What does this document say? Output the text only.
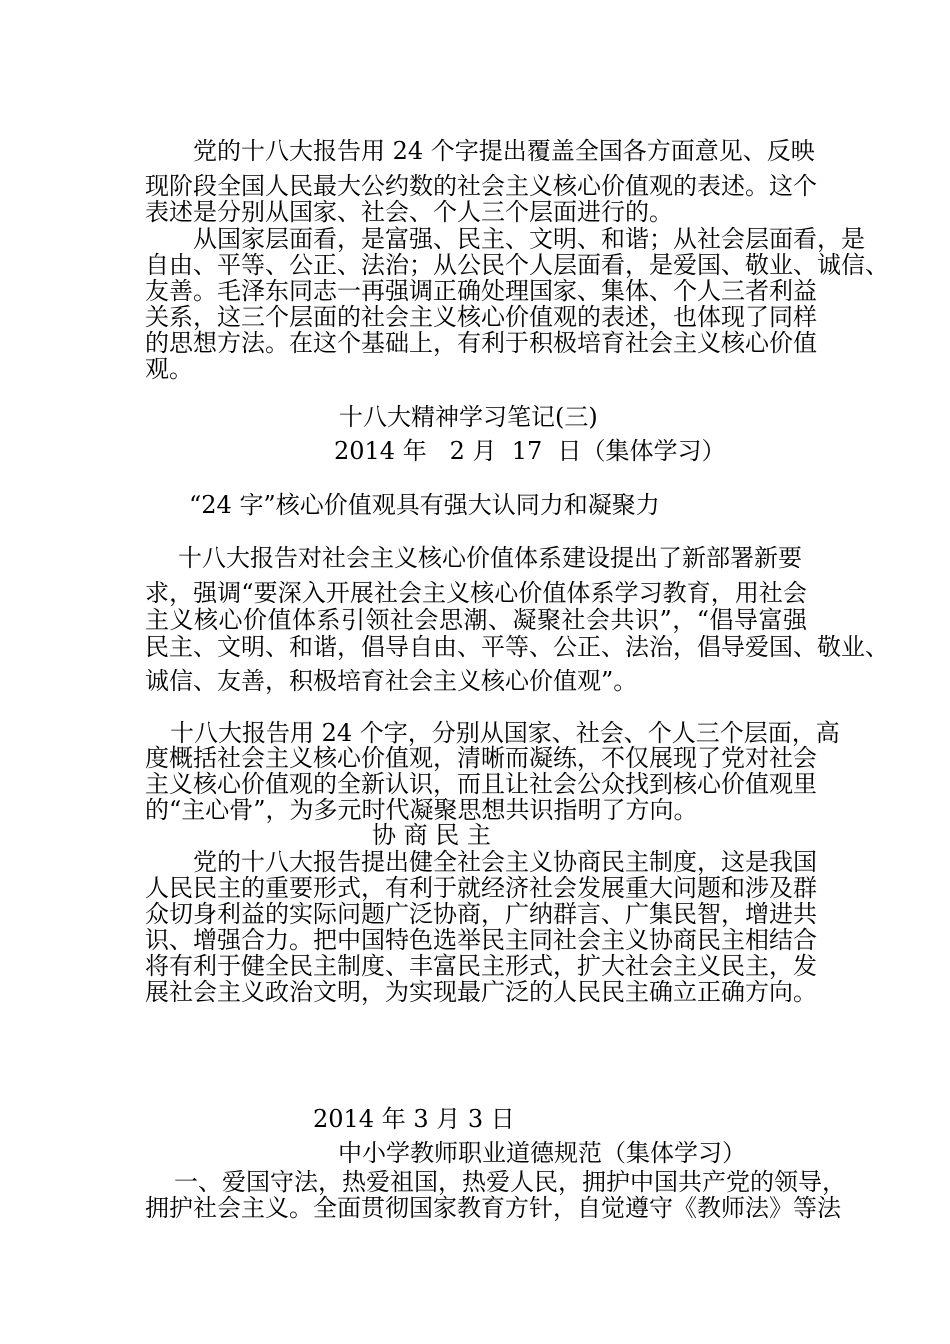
党的十八大报告用 24 个字提出覆盖全国各方面意见、反映
现阶段全国人民最大公约数的社会主义核心价值观的表述。这个
表述是分别从国家、社会、个人三个层面进行的。
从国家层面看，是富强、民主、文明、和谐；从社会层面看，是
自由、平等、公正、法治；从公民个人层面看，是爱国、敬业、诚信、
友善。毛泽东同志一再强调正确处理国家、集体、个人三者利益
关系，这三个层面的社会主义核心价值观的表述，也体现了同样
的思想方法。在这个基础上，有利于积极培育社会主义核心价值
观。
十八大精神学习笔记(三)
2014 年   2 月  17  日（集体学习）
“24 字”核心价值观具有强大认同力和凝聚力
十八大报告对社会主义核心价值体系建设提出了新部署新要
求，强调“要深入开展社会主义核心价值体系学习教育，用社会
主义核心价值体系引领社会思潮、凝聚社会共识”，“倡导富强
民主、文明、和谐，倡导自由、平等、公正、法治，倡导爱国、敬业、
诚信、友善，积极培育社会主义核心价值观”。
十八大报告用 24 个字，分别从国家、社会、个人三个层面，高
度概括社会主义核心价值观，清晰而凝练，不仅展现了党对社会
主义核心价值观的全新认识，而且让社会公众找到核心价值观里
的“主心骨”，为多元时代凝聚思想共识指明了方向。
协 商 民 主
党的十八大报告提出健全社会主义协商民主制度，这是我国
人民民主的重要形式，有利于就经济社会发展重大问题和涉及群
众切身利益的实际问题广泛协商，广纳群言、广集民智，增进共
识、增强合力。把中国特色选举民主同社会主义协商民主相结合
将有利于健全民主制度、丰富民主形式，扩大社会主义民主，发
展社会主义政治文明，为实现最广泛的人民民主确立正确方向。
2014 年 3 月 3 日
中小学教师职业道德规范（集体学习）
一、爱国守法，热爱祖国，热爱人民，拥护中国共产党的领导，
拥护社会主义。全面贯彻国家教育方针，自觉遵守《教师法》等法
